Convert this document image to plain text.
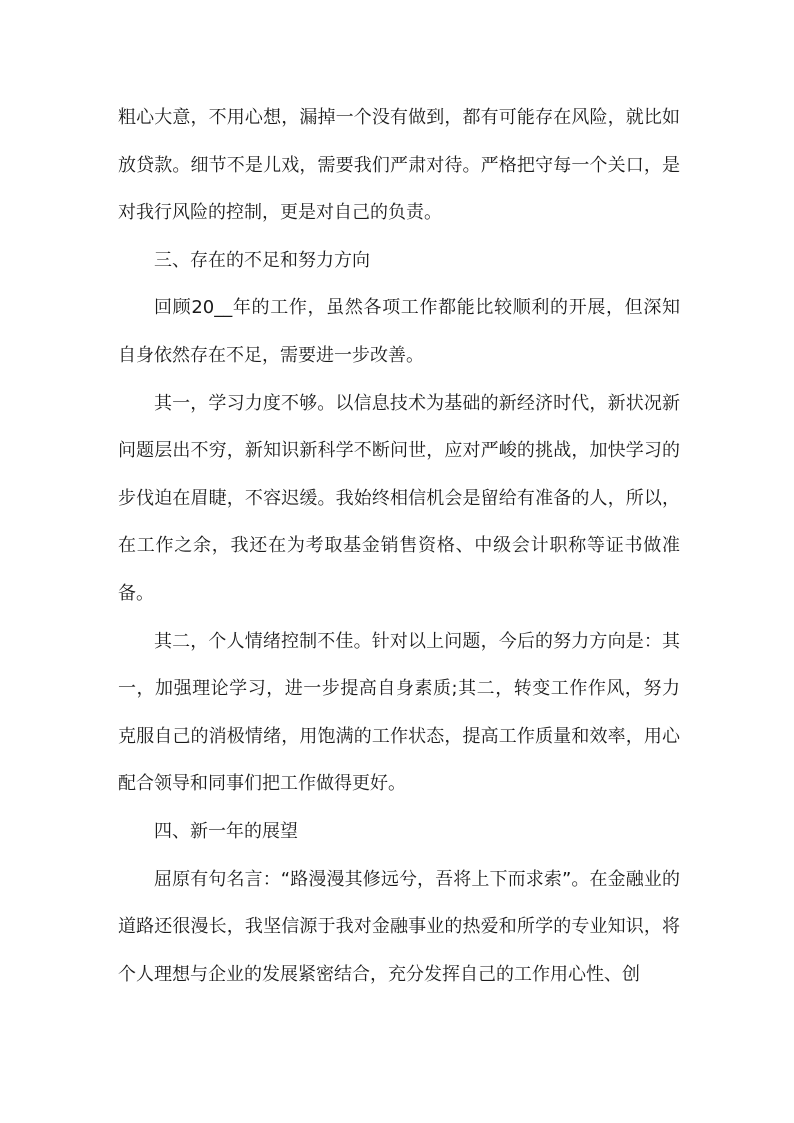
粗心大意，不用心想，漏掉一个没有做到，都有可能存在风险，就比如放贷款。细节不是儿戏，需要我们严肃对待。严格把守每一个关口，是对我行风险的控制，更是对自己的负责。

三、存在的不足和努力方向

回顾20__年的工作，虽然各项工作都能比较顺利的开展，但深知自身依然存在不足，需要进一步改善。

其一，学习力度不够。以信息技术为基础的新经济时代，新状况新问题层出不穷，新知识新科学不断问世，应对严峻的挑战，加快学习的步伐迫在眉睫，不容迟缓。我始终相信机会是留给有准备的人，所以，在工作之余，我还在为考取基金销售资格、中级会计职称等证书做准备。

其二，个人情绪控制不佳。针对以上问题，今后的努力方向是：其一，加强理论学习，进一步提高自身素质;其二，转变工作作风，努力克服自己的消极情绪，用饱满的工作状态，提高工作质量和效率，用心配合领导和同事们把工作做得更好。

四、新一年的展望

屈原有句名言：“路漫漫其修远兮，吾将上下而求索”。在金融业的道路还很漫长，我坚信源于我对金融事业的热爱和所学的专业知识，将个人理想与企业的发展紧密结合，充分发挥自己的工作用心性、创
